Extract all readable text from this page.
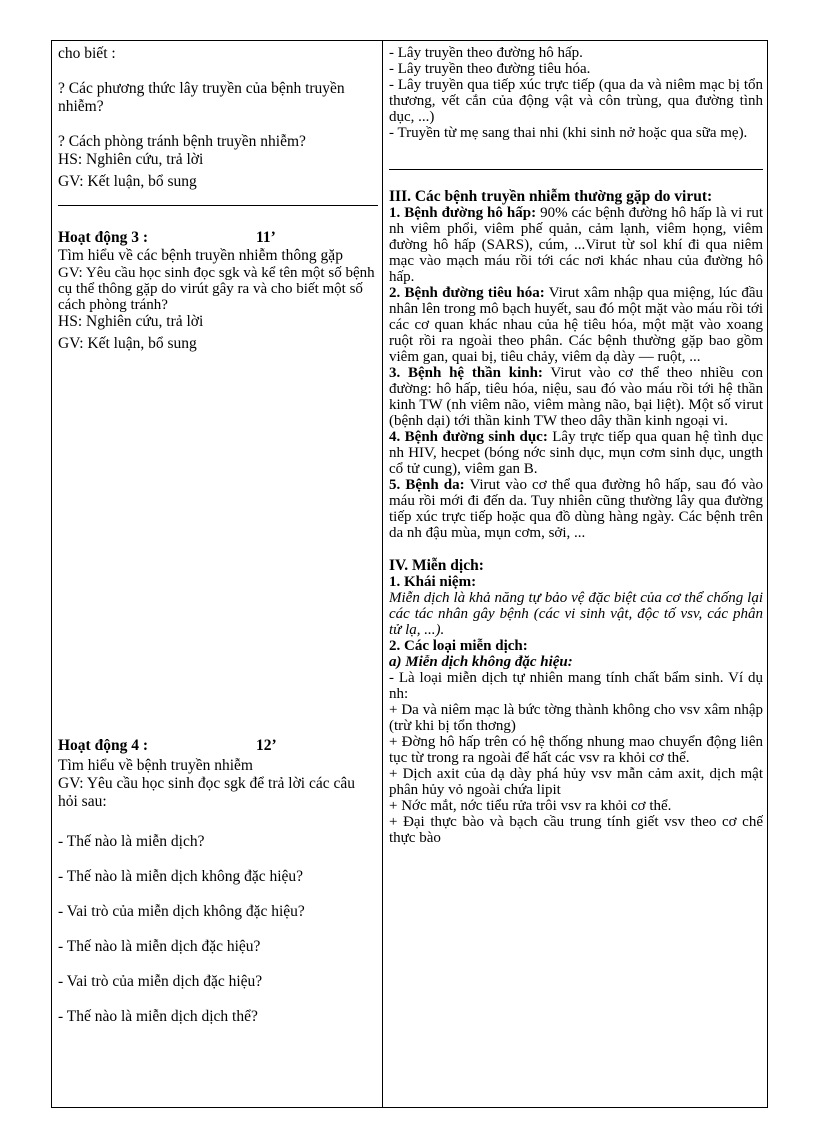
cho biết :

? Các phương thức lây truyền của bệnh truyền nhiễm?

? Cách phòng tránh bệnh truyền nhiễm?

HS: Nghiên cứu, trả lời

GV: Kết luận, bổ sung

Hoạt động 3 :	11’

Tìm hiểu về các bệnh truyền nhiễm thông gặp

GV: Yêu cầu học sinh đọc sgk và kể tên một số bệnh cụ thể thông gặp do virút gây ra và cho biết một số cách phòng tránh?

HS: Nghiên cứu, trả lời

GV: Kết luận, bổ sung

Hoạt động 4 :	12’

Tìm hiểu về bệnh truyền nhiễm

GV: Yêu cầu học sinh đọc sgk để trả lời các câu hỏi sau:

- Thế nào là miễn dịch?

- Thế nào là miễn dịch không đặc hiệu?

- Vai trò của miễn dịch không đặc hiệu?

- Thế nào là miễn dịch đặc hiệu?

- Vai trò của miễn dịch đặc hiệu?

- Thế nào là miễn dịch dịch thể?

- Lây truyền theo đường hô hấp.

- Lây truyền theo đường tiêu hóa.

- Lây truyền qua tiếp xúc trực tiếp (qua da và niêm mạc bị tổn thương, vết cắn của động vật và côn trùng, qua đường tình dục, ...)

- Truyền từ mẹ sang thai nhi (khi sinh nở hoặc qua sữa mẹ).

III. Các bệnh truyền nhiễm thường gặp do virut:

1. Bệnh đường hô hấp: 90% các bệnh đường hô hấp là vi rut nh viêm phổi, viêm phế quản, cảm lạnh, viêm họng, viêm đường hô hấp (SARS), cúm, ...Virut từ sol khí đi qua niêm mạc vào mạch máu rồi tới các nơi khác nhau của đường hô hấp.

2. Bệnh đường tiêu hóa: Virut xâm nhập qua miệng, lúc đầu nhân lên trong mô bạch huyết, sau đó một mặt vào máu rồi tới các cơ quan khác nhau của hệ tiêu hóa, một mặt vào xoang ruột rồi ra ngoài theo phân. Các bệnh thường gặp bao gồm viêm gan, quai bị, tiêu chảy, viêm dạ dày — ruột, ...

3. Bệnh hệ thần kinh: Virut vào cơ thể theo nhiều con đường: hô hấp, tiêu hóa, niệu, sau đó vào máu rồi tới hệ thần kinh TW (nh viêm não, viêm màng não, bại liệt). Một số virut (bệnh dại) tới thần kinh TW theo dây thần kinh ngoại vi.

4. Bệnh đường sinh dục: Lây trực tiếp qua quan hệ tình dục nh HIV, hecpet (bóng nớc sinh dục, mụn cơm sinh dục, ungth cổ tử cung), viêm gan B.

5. Bệnh da: Virut vào cơ thể qua đường hô hấp, sau đó vào máu rồi mới đi đến da. Tuy nhiên cũng thường lây qua đường tiếp xúc trực tiếp hoặc qua đồ dùng hàng ngày. Các bệnh trên da nh đậu mùa, mụn cơm, sởi, ...

IV. Miễn dịch:

1. Khái niệm:

Miễn dịch là khả năng tự bảo vệ đặc biệt của cơ thể chống lại các tác nhân gây bệnh (các vi sinh vật, độc tố vsv, các phân tử lạ, ...).

2. Các loại miễn dịch:

a) Miễn dịch không đặc hiệu:

- Là loại miễn dịch tự nhiên mang tính chất bẩm sinh. Ví dụ nh:

+ Da và niêm mạc là bức tờng thành không cho vsv xâm nhập (trừ khi bị tổn thơng)

+ Đờng hô hấp trên có hệ thống nhung mao chuyển động liên tục từ trong ra ngoài để hất các vsv ra khỏi cơ thể.

+ Dịch axit của dạ dày phá hủy vsv mẫn cảm axit, dịch mật phân hủy vỏ ngoài chứa lipit

+ Nớc mắt, nớc tiểu rửa trôi vsv ra khỏi cơ thể.

+ Đại thực bào và bạch cầu trung tính giết vsv theo cơ chế thực bào
